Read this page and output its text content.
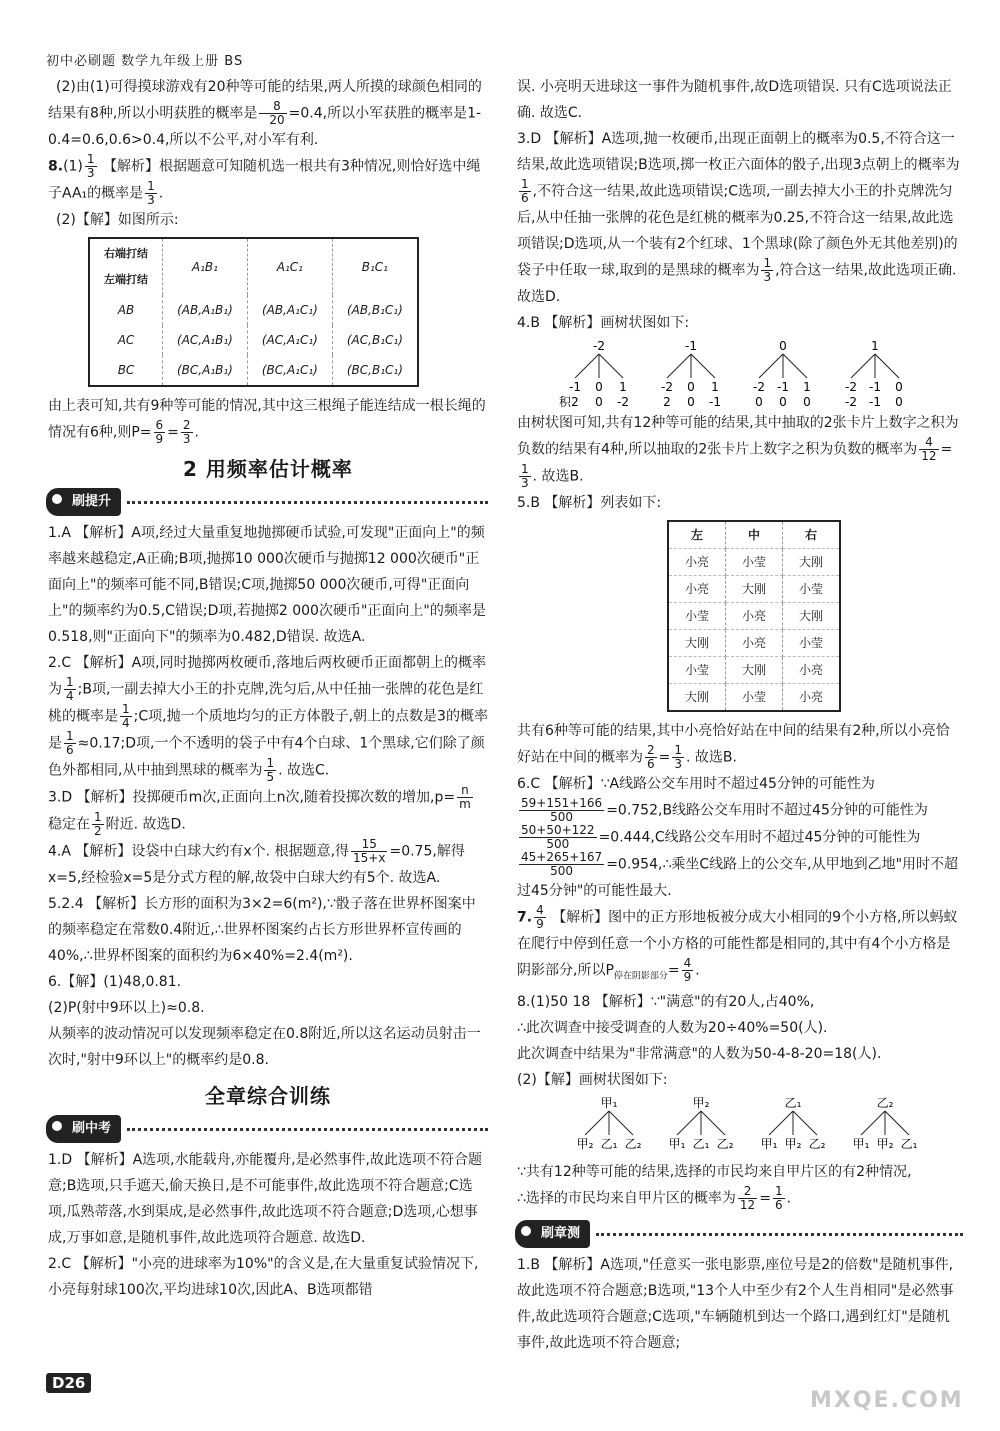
初中必刷题 数学九年级上册 BS

(2)由(1)可得摸球游戏有20种等可能的结果,两人所摸的球颜色相同的结果有8种,所以小明获胜的概率是 $\frac{8}{20} =0.4$,所以小军获胜的概率是1-0.4=0.6,0.6>0.4,所以不公平,对小军有利.

$8.(1) \frac{1}{3}$ 【解析】根据题意可知随机选一根共有3种情况,则恰好选中绳子AA₁的概率是 $\frac{1}{3}$ .

(2)【解】如图所示:

右端打结
左端打结	A₁B₁	A₁C₁	B₁C₁
AB	(AB,A₁B₁)	(AB,A₁C₁)	(AB,B₁C₁)
AC	(AC,A₁B₁)	(AC,A₁C₁)	(AC,B₁C₁)
BC	(BC,A₁B₁)	(BC,A₁C₁)	(BC,B₁C₁)

由上表可知,共有9种等可能的情况,其中这三根绳子能连结成一根长绳的情况有6种,则$P= \frac{6}{9} = \frac{2}{3}$ .

2 用频率估计概率
刷提升

1.A 【解析】A项,经过大量重复地抛掷硬币试验,可发现"正面向上"的频率越来越稳定,A正确;B项,抛掷10 000次硬币与抛掷12 000次硬币"正面向上"的频率可能不同,B错误;C项,抛掷50 000次硬币,可得"正面向上"的频率约为0.5,C错误;D项,若抛掷2 000次硬币"正面向上"的频率是0.518,则"正面向下"的频率为0.482,D错误. 故选A.

2.C 【解析】A项,同时抛掷两枚硬币,落地后两枚硬币正面都朝上的概率为 $\frac{1}{4}$ ;B项,一副去掉大小王的扑克牌,洗匀后,从中任抽一张牌的花色是红桃的概率是 $\frac{1}{4}$ ;C项,抛一个质地均匀的正方体骰子,朝上的点数是3的概率是 $\frac{1}{6}$ ≈0.17;D项,一个不透明的袋子中有4个白球、1个黑球,它们除了颜色外都相同,从中抽到黑球的概率为 $\frac{1}{5}$ . 故选C.

3.D 【解析】投掷硬币m次,正面向上n次,随着投掷次数的增加$,p= \frac{n}{m}$
稳定在 $\frac{1}{2}$ 附近. 故选D.

4.A 【解析】设袋中白球大约有x个. 根据题意,得 $\frac{15}{15+x} =0.75$,解得x=5,经检验x=5是分式方程的解,故袋中白球大约有5个. 故选A.

5.2.4 【解析】长方形的面积为3×2=6(m²),∵骰子落在世界杯图案中的频率稳定在常数0.4附近,∴世界杯图案约占长方形世界杯宣传画的40%,∴世界杯图案的面积约为6×40%=2.4(m²).

6.【解】(1)48,0.81.

(2)P(射中9环以上)≈0.8.

从频率的波动情况可以发现频率稳定在0.8附近,所以这名运动员射击一次时,"射中9环以上"的概率约是0.8.

全章综合训练
刷中考

1.D 【解析】A选项,水能载舟,亦能覆舟,是必然事件,故此选项不符合题意;B选项,只手遮天,偷天换日,是不可能事件,故此选项不符合题意;C选项,瓜熟蒂落,水到渠成,是必然事件,故此选项不符合题意;D选项,心想事成,万事如意,是随机事件,故此选项符合题意. 故选D.

2.C 【解析】"小亮的进球率为10%"的含义是,在大量重复试验情况下,小亮每射球100次,平均进球10次,因此A、B选项都错

误. 小亮明天进球这一事件为随机事件,故D选项错误. 只有C选项说法正确. 故选C.

3.D 【解析】A选项,抛一枚硬币,出现正面朝上的概率为0.5,不符合这一结果,故此选项错误;B选项,掷一枚正六面体的骰子,出现3点朝上的概率为
$\frac{1}{6}$ ,不符合这一结果,故此选项错误;C选项,一副去掉大小王的扑克牌洗匀后,从中任抽一张牌的花色是红桃的概率为0.25,不符合这一结果,故此选项错误;D选项,从一个装有2个红球、1个黑球(除了颜色外无其他差别)的袋子中任取一球,取到的是黑球的概率为 $\frac{1}{3}$ ,符合这一结果,故此选项正确. 故选D.

4.B 【解析】画树状图如下:

-2
-1
2
0
0
1
-2
-1
-2
2
0
0
1
-1
0
-2
0
-1
0
1
0
1
-2
-2
-1
-1
0
0
积

由树状图可知,共有12种等可能的结果,其中抽取的2张卡片上数字之积为负数的结果有4种,所以抽取的2张卡片上数字之积为负数的概率为 $\frac{4}{12}$ =
$\frac{1}{3}$ . 故选B.

5.B 【解析】列表如下:

左	中	右
小亮	小莹	大刚
小亮	大刚	小莹
小莹	小亮	大刚
大刚	小亮	小莹
小莹	大刚	小亮
大刚	小莹	小亮

共有6种等可能的结果,其中小亮恰好站在中间的结果有2种,所以小亮恰好站在中间的概率为 $\frac{2}{6} = \frac{1}{3}$ . 故选B.

6.C 【解析】∵A线路公交车用时不超过45分钟的可能性为
$\frac{59+151+166}{500} =0.752,B$线路公交车用时不超过45分钟的可能性为
$\frac{50+50+122}{500} =0.444,C$线路公交车用时不超过45分钟的可能性为
$\frac{45+265+167}{500}$ =0.954,∴乘坐C线路上的公交车,从甲地到乙地"用时不超过45分钟"的可能性最大.

7. $\frac{4}{9}$ 【解析】图中的正方形地板被分成大小相同的9个小方格,所以蚂蚁在爬行中停到任意一个小方格的可能性都是相同的,其中有4个小方格是阴影部分,所以$P_{停在阴影部分}= \frac{4}{9}$ .

8.(1)50 18 【解析】∵"满意"的有20人,占40%,

∴此次调查中接受调查的人数为20÷40%=50(人).

此次调查中结果为"非常满意"的人数为50-4-8-20=18(人).

(2)【解】画树状图如下:

甲₁
甲₂ 乙₁ 乙₂
甲₂
甲₁ 乙₁ 乙₂
乙₁
甲₁ 甲₂ 乙₂
乙₂
甲₁ 甲₂ 乙₁

∵共有12种等可能的结果,选择的市民均来自甲片区的有2种情况,

∴选择的市民均来自甲片区的概率为 $\frac{2}{12} = \frac{1}{6}$ .

刷章测

1.B 【解析】A选项,"任意买一张电影票,座位号是2的倍数"是随机事件,故此选项不符合题意;B选项,"13个人中至少有2个人生肖相同"是必然事件,故此选项符合题意;C选项,"车辆随机到达一个路口,遇到红灯"是随机事件,故此选项不符合题意;

D26
MXQE.COM
